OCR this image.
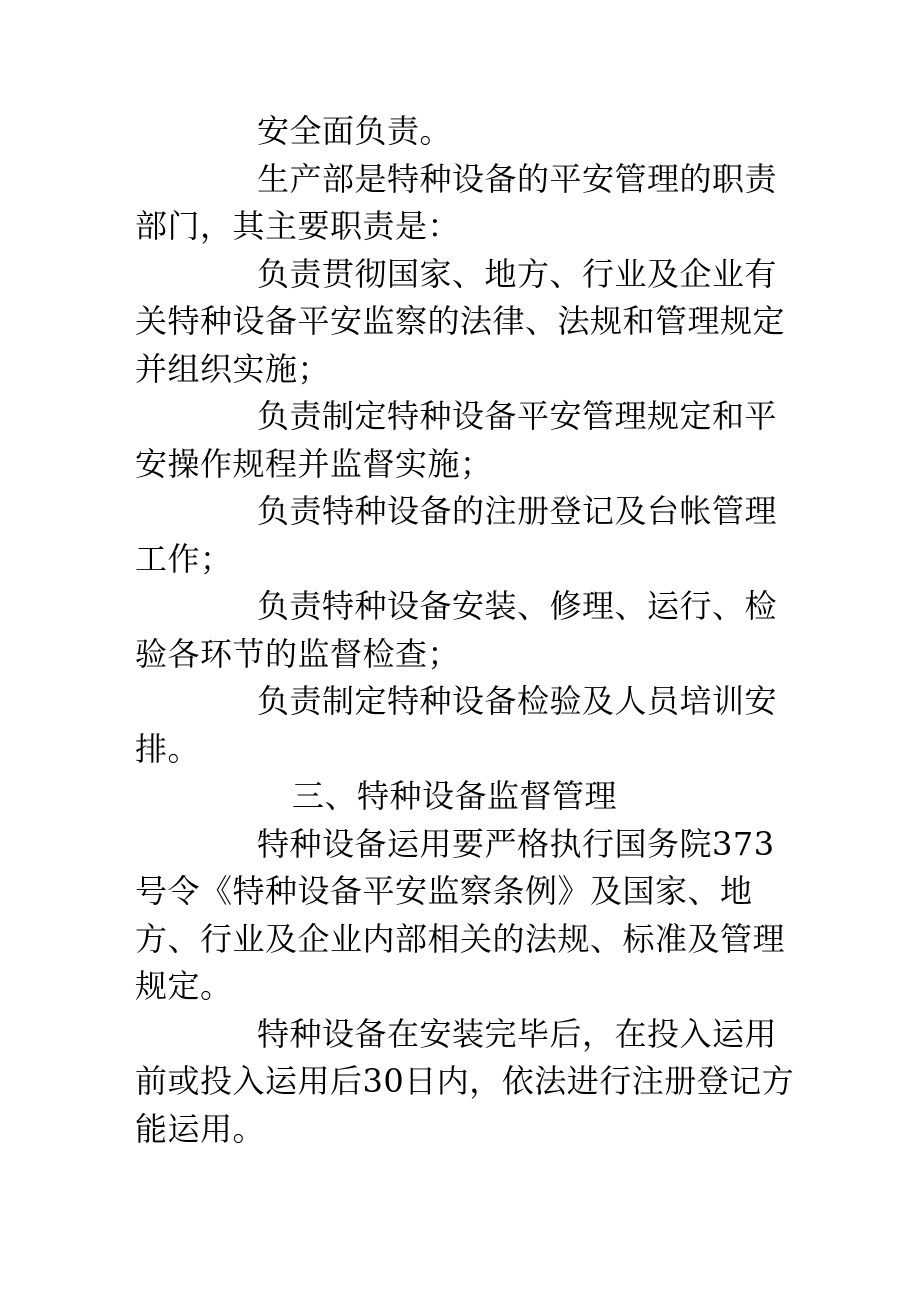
安全面负责。

生产部是特种设备的平安管理的职责部门，其主要职责是：

负责贯彻国家、地方、行业及企业有关特种设备平安监察的法律、法规和管理规定并组织实施；

负责制定特种设备平安管理规定和平安操作规程并监督实施；

负责特种设备的注册登记及台帐管理工作；

负责特种设备安装、修理、运行、检验各环节的监督检查；

负责制定特种设备检验及人员培训安排。

三、特种设备监督管理

特种设备运用要严格执行国务院373号令《特种设备平安监察条例》及国家、地方、行业及企业内部相关的法规、标准及管理规定。

特种设备在安装完毕后，在投入运用前或投入运用后30日内，依法进行注册登记方能运用。
